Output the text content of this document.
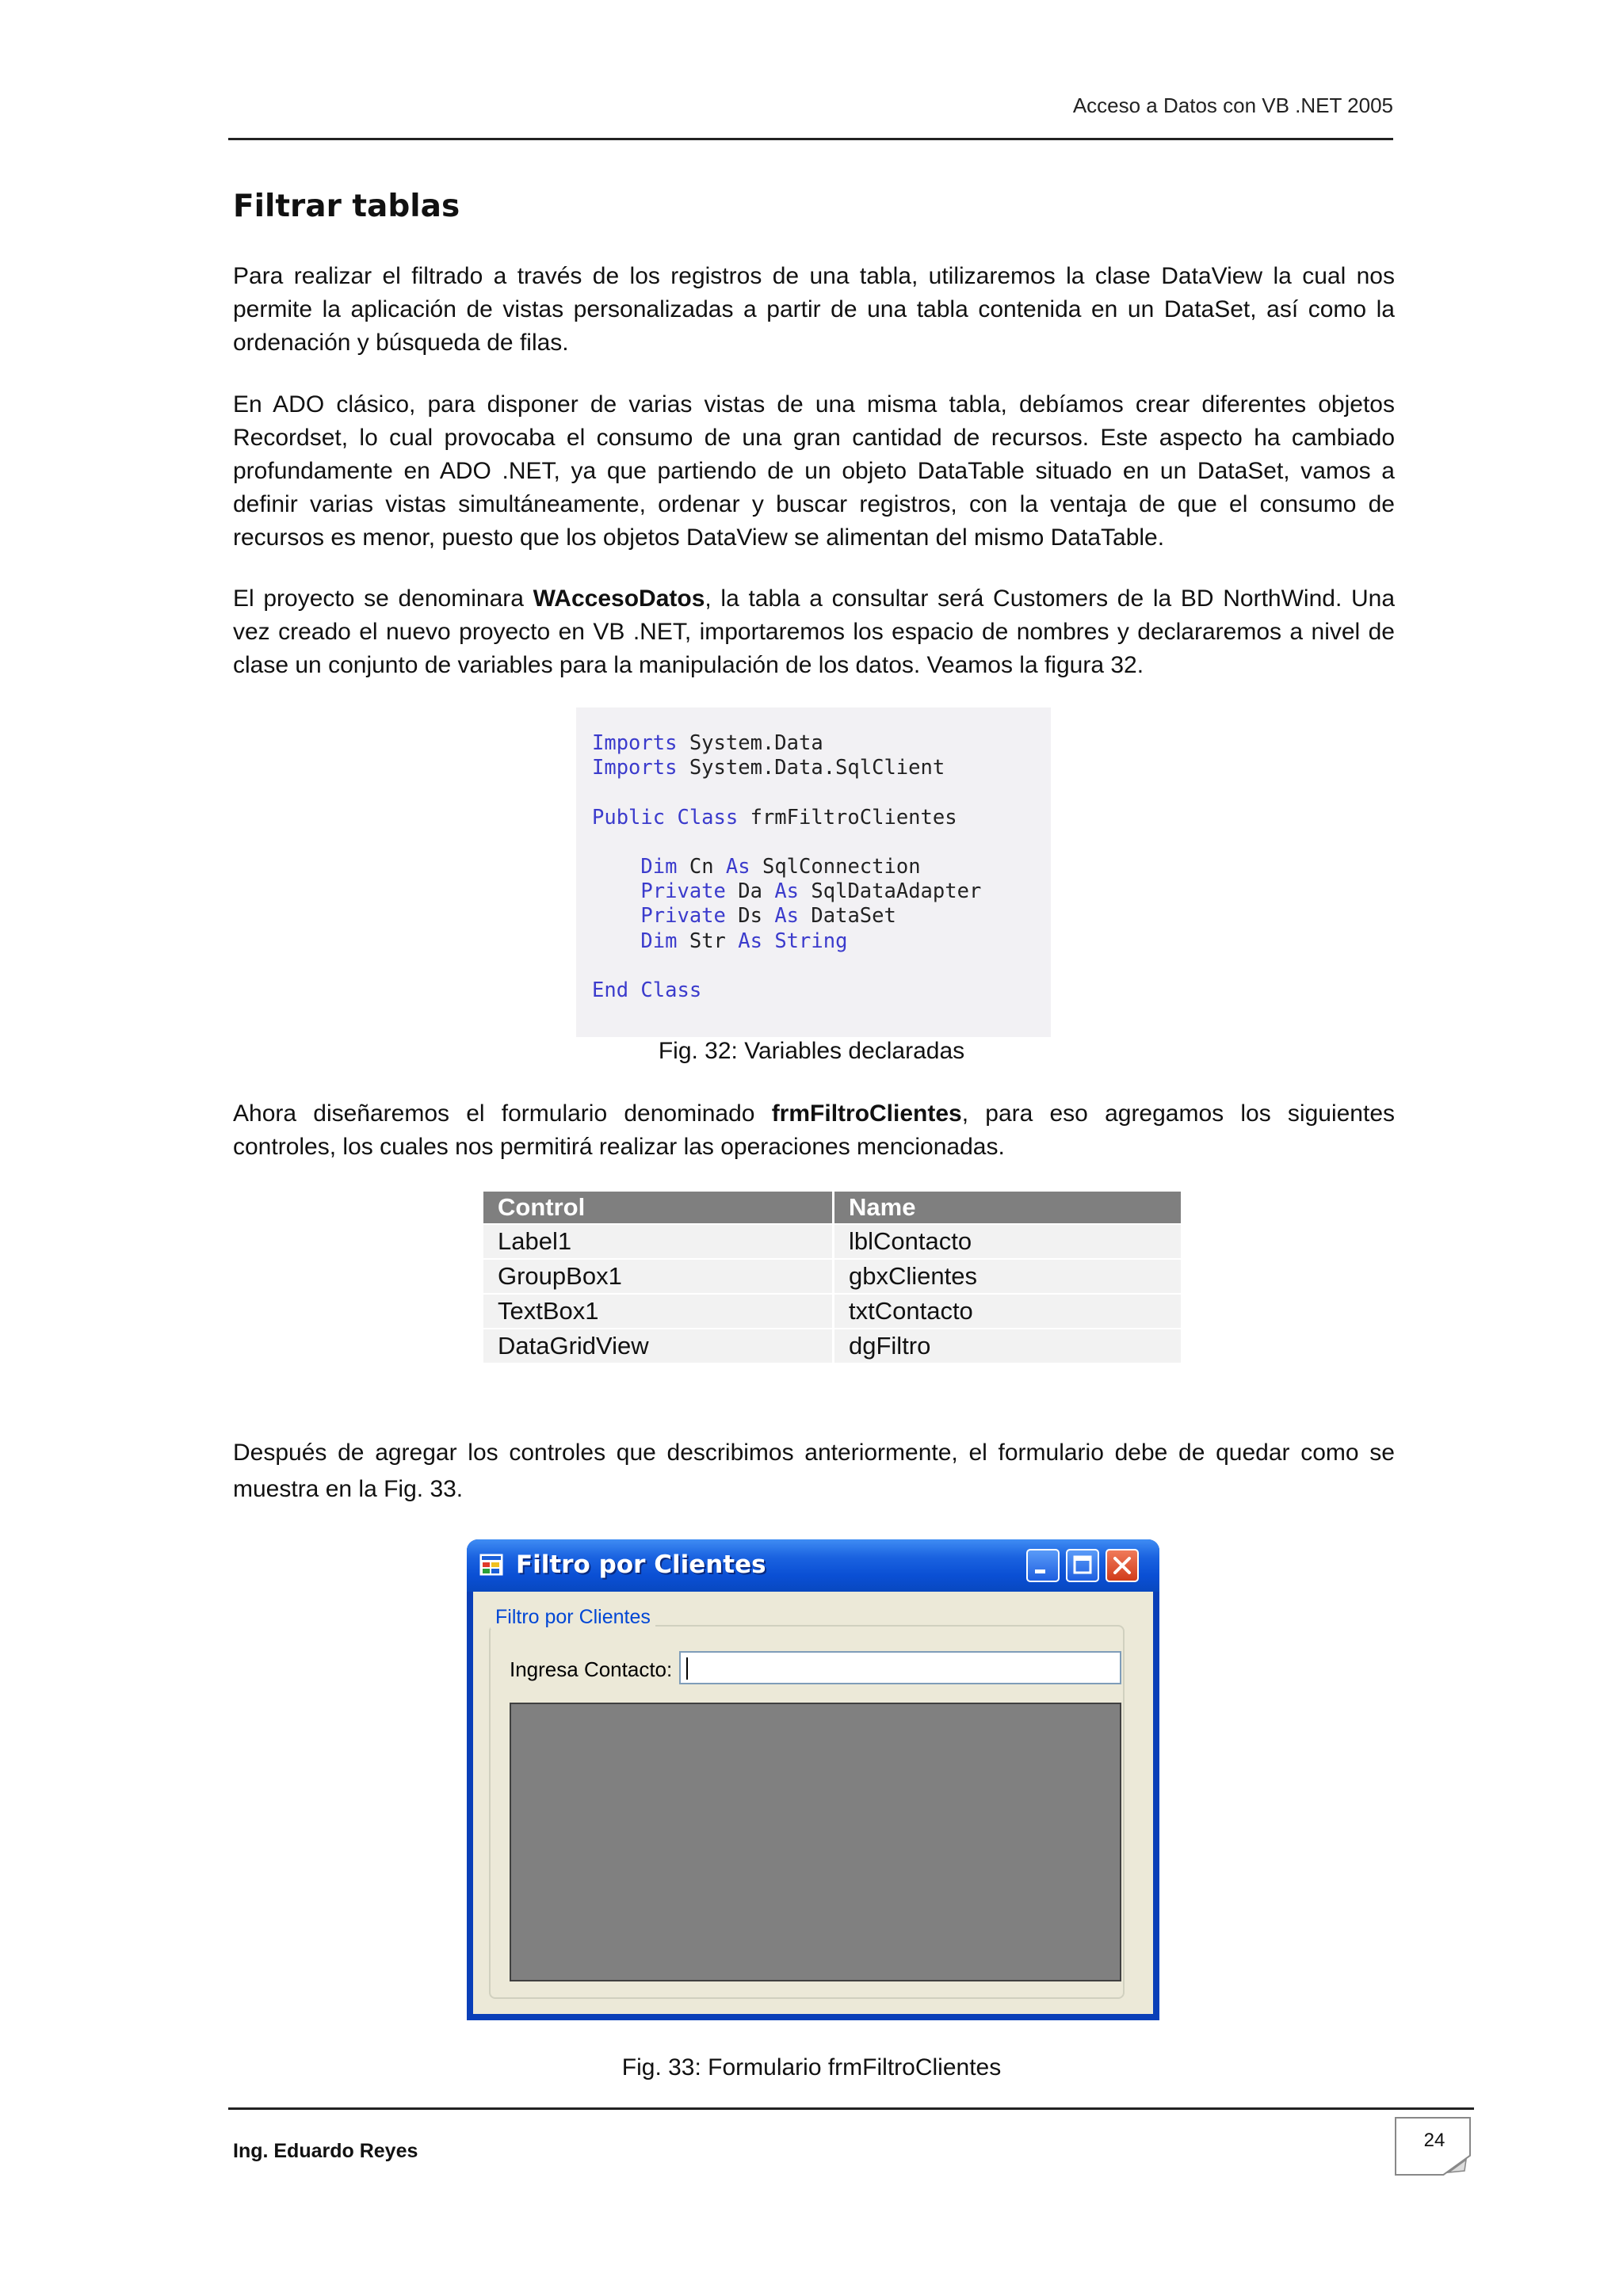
Acceso a Datos con VB .NET 2005
Filtrar tablas

Para realizar el filtrado a través de los registros de una tabla, utilizaremos la clase DataView la cual nos permite la aplicación de vistas personalizadas a partir de una tabla contenida en un DataSet, así como la ordenación y búsqueda de filas.

En ADO clásico, para disponer de varias vistas de una misma tabla, debíamos crear diferentes objetos Recordset, lo cual provocaba el consumo de una gran cantidad de recursos. Este aspecto ha cambiado profundamente en ADO .NET, ya que partiendo de un objeto DataTable situado en un DataSet, vamos a definir varias vistas simultáneamente, ordenar y buscar registros, con la ventaja de que el consumo de recursos es menor, puesto que los objetos DataView se alimentan del mismo DataTable.

El proyecto se denominara WAccesoDatos, la tabla a consultar será Customers de la BD NorthWind. Una vez creado el nuevo proyecto en VB .NET, importaremos los espacio de nombres y declararemos a nivel de clase un conjunto de variables para la manipulación de los datos. Veamos la figura 32.

Imports System.Data
Imports System.Data.SqlClient

Public Class frmFiltroClientes

Dim Cn As SqlConnection
Private Da As SqlDataAdapter
Private Ds As DataSet
Dim Str As String

End Class
Fig. 32: Variables declaradas

Ahora diseñaremos el formulario denominado frmFiltroClientes, para eso agregamos los siguientes controles, los cuales nos permitirá realizar las operaciones mencionadas.

Control	Name
Label1	lblContacto
GroupBox1	gbxClientes
TextBox1	txtContacto
DataGridView	dgFiltro

Después de agregar los controles que describimos anteriormente, el formulario debe de quedar como se muestra en la Fig. 33.

Filtro por Clientes
Filtro por Clientes
Ingresa Contacto:
Fig. 33: Formulario frmFiltroClientes
Ing. Eduardo Reyes	24
